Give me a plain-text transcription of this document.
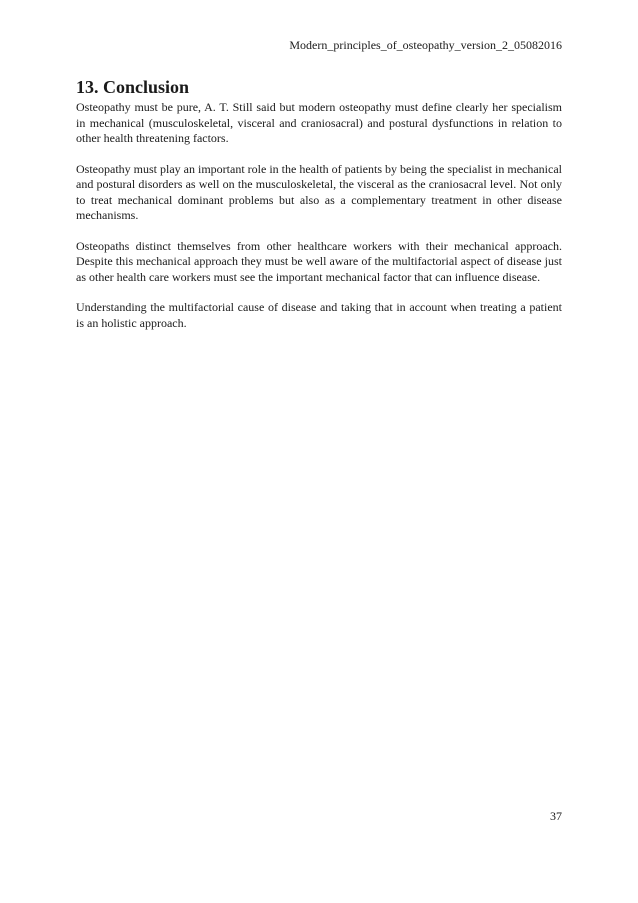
Modern_principles_of_osteopathy_version_2_05082016
13. Conclusion

Osteopathy must be pure, A. T. Still said but modern osteopathy must define clearly her specialism in mechanical (musculoskeletal, visceral and craniosacral) and postural dysfunctions in relation to other health threatening factors.

Osteopathy must play an important role in the health of patients by being the specialist in mechanical and postural disorders as well on the musculoskeletal, the visceral as the craniosacral level. Not only to treat mechanical dominant problems but also as a complementary treatment in other disease mechanisms.

Osteopaths distinct themselves from other healthcare workers with their mechanical approach. Despite this mechanical approach they must be well aware of the multifactorial aspect of disease just as other health care workers must see the important mechanical factor that can influence disease.

Understanding the multifactorial cause of disease and taking that in account when treating a patient is an holistic approach.

37
